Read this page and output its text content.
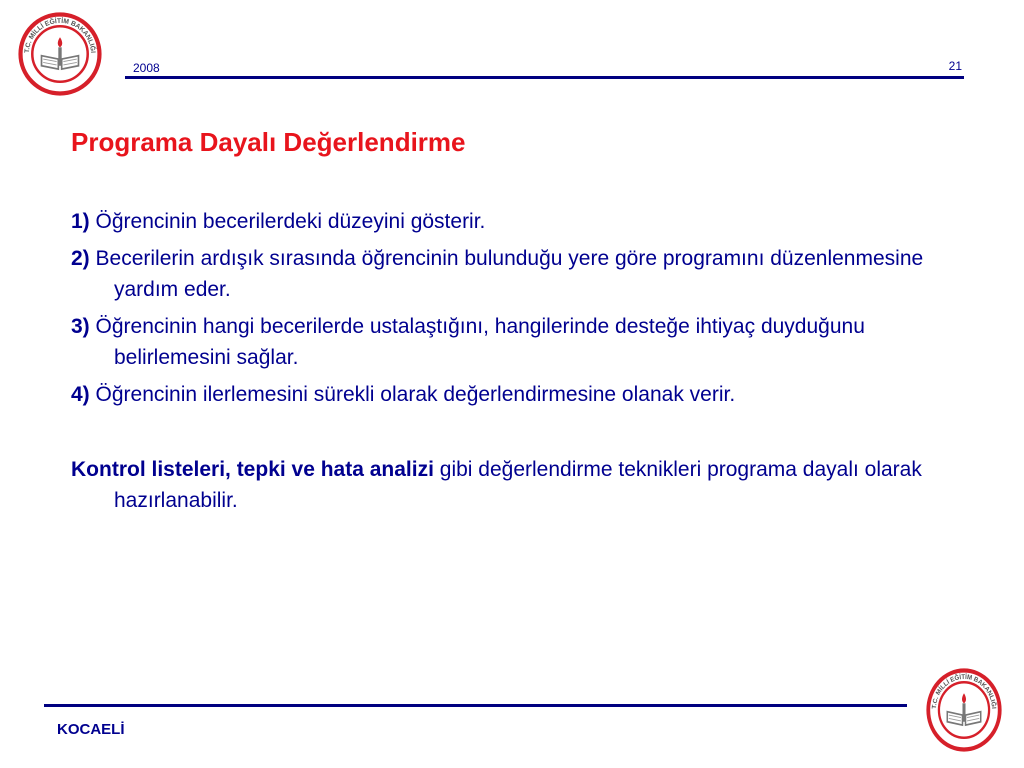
T.C. MİLLİ EĞİTİM BAKANLIĞI
2008	21
Programa Dayalı Değerlendirme

1) Öğrencinin becerilerdeki düzeyini gösterir.

2) Becerilerin ardışık sırasında öğrencinin bulunduğu yere göre programını düzenlenmesine yardım eder.

3) Öğrencinin hangi becerilerde ustalaştığını, hangilerinde desteğe ihtiyaç duyduğunu belirlemesini sağlar.

4) Öğrencinin ilerlemesini sürekli olarak değerlendirmesine olanak verir.

Kontrol listeleri, tepki ve hata analizi gibi değerlendirme teknikleri programa dayalı olarak hazırlanabilir.

KOCAELİ
T.C. MİLLİ EĞİTİM BAKANLIĞI
